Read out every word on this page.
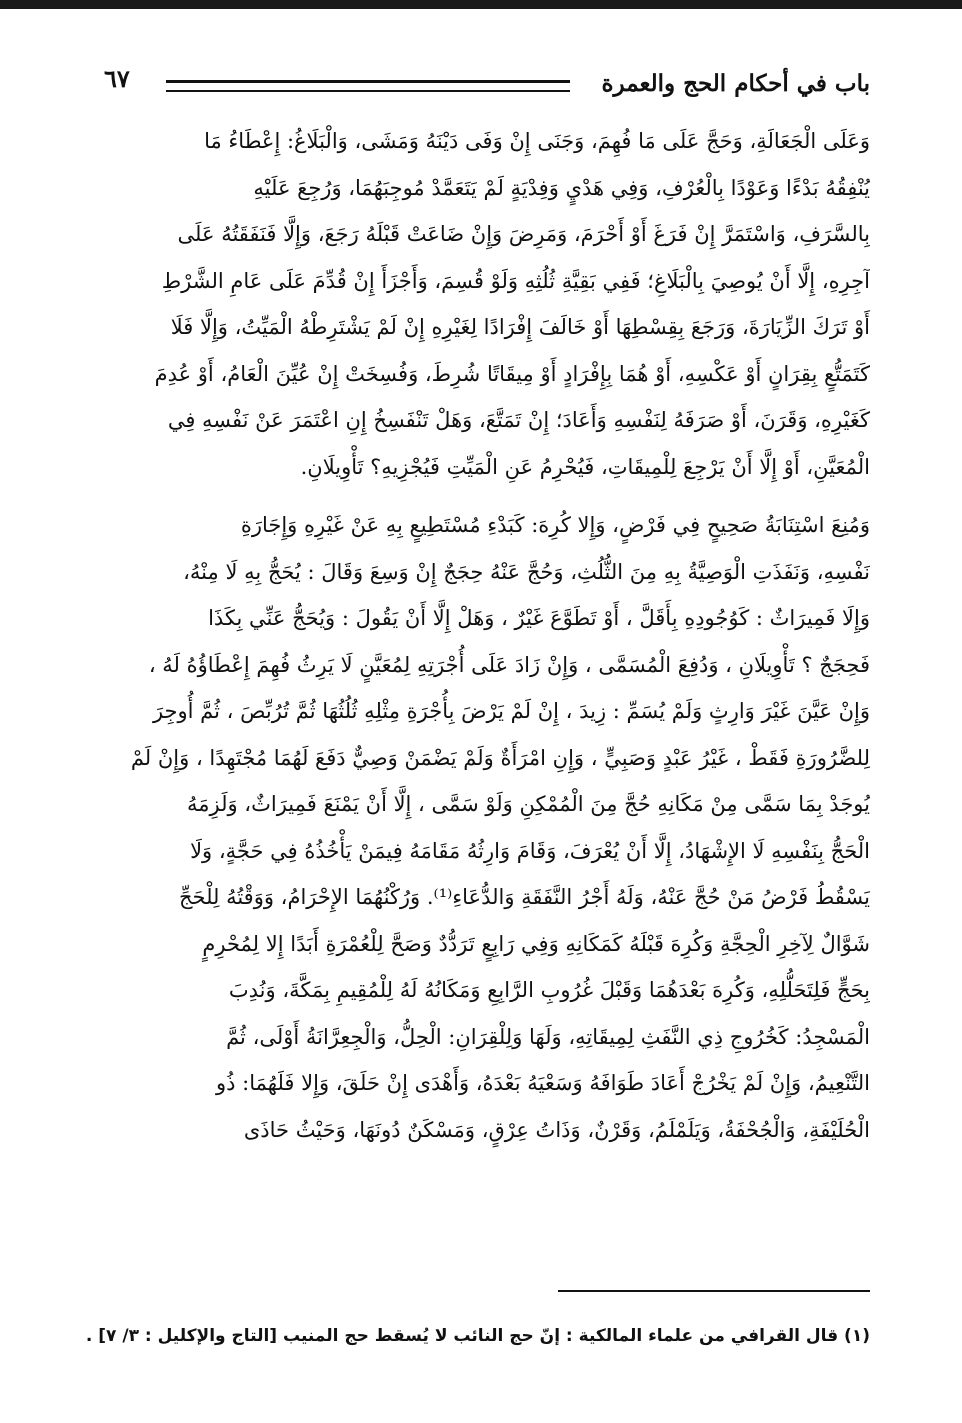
٦٧	باب في أحكام الحج والعمرة

وَعَلَى الْجَعَالَةِ، وَحَجَّ عَلَى مَا فُهِمَ، وَجَنَى إِنْ وَفَى دَيْنَهُ وَمَشَى، وَالْبَلَاغُ: إِعْطَاءُ مَا
يُنْفِقُهُ بَدْءًا وَعَوْدًا بِالْعُرْفِ، وَفِي هَدْيٍ وَفِدْيَةٍ لَمْ يَتَعَمَّدْ مُوجِبَهُمَا، وَرُجِعَ عَلَيْهِ
بِالسَّرَفِ، وَاسْتَمَرَّ إِنْ فَرَغَ أَوْ أَحْرَمَ، وَمَرِضَ وَإِنْ ضَاعَتْ قَبْلَهُ رَجَعَ، وَإِلَّا فَنَفَقَتُهُ عَلَى
آجِرِهِ، إِلَّا أَنْ يُوصِيَ بِالْبَلَاغِ؛ فَفِي بَقِيَّةِ ثُلُثِهِ وَلَوْ قُسِمَ، وَأَجْزَأَ إِنْ قُدِّمَ عَلَى عَامِ الشَّرْطِ
أَوْ تَرَكَ الزِّيَارَةَ، وَرَجَعَ بِقِسْطِهَا أَوْ خَالَفَ إِفْرَادًا لِغَيْرِهِ إِنْ لَمْ يَشْتَرِطْهُ الْمَيِّتُ، وَإِلَّا فَلَا
كَتَمَتُّعٍ بِقِرَانٍ أَوْ عَكْسِهِ، أَوْ هُمَا بِإِفْرَادٍ أَوْ مِيقَاتًا شُرِطَ، وَفُسِخَتْ إِنْ عُيِّنَ الْعَامُ، أَوْ عُدِمَ
كَغَيْرِهِ، وَقَرَنَ، أَوْ صَرَفَهُ لِنَفْسِهِ وَأَعَادَ؛ إِنْ تَمَتَّعَ، وَهَلْ تَنْفَسِخُ إِنِ اعْتَمَرَ عَنْ نَفْسِهِ فِي
الْمُعَيَّنِ، أَوْ إِلَّا أَنْ يَرْجِعَ لِلْمِيقَاتِ، فَيُحْرِمُ عَنِ الْمَيِّتِ فَيُجْزِيهِ؟ تَأْوِيلَانِ.

وَمُنِعَ اسْتِنَابَةُ صَحِيحٍ فِي فَرْضٍ، وَإِلا كُرِهَ: كَبَدْءِ مُسْتَطِيعٍ بِهِ عَنْ غَيْرِهِ وَإِجَارَةِ
نَفْسِهِ، وَنَفَذَتِ الْوَصِيَّةُ بِهِ مِنَ الثُّلُثِ، وَحُجَّ عَنْهُ حِجَجٌ إِنْ وَسِعَ وَقَالَ : يُحَجُّ بِهِ لَا مِنْهُ،
وَإِلَا فَمِيرَاثٌ : كَوُجُودِهِ بِأَقَلَّ ، أَوْ تَطَوَّعَ غَيْرٌ ، وَهَلْ إِلَّا أَنْ يَقُولَ : وَيُحَجُّ عَنِّي بِكَذَا
فَحِجَجٌ ؟ تَأْوِيلَانِ ، وَدُفِعَ الْمُسَمَّى ، وَإِنْ زَادَ عَلَى أُجْرَتِهِ لِمُعَيَّنٍ لَا يَرِثُ فُهِمَ إِعْطَاؤُهُ لَهُ ،
وَإِنْ عَيَّنَ غَيْرَ وَارِثٍ وَلَمْ يُسَمِّ : زِيدَ ، إِنْ لَمْ يَرْضَ بِأُجْرَةِ مِثْلِهِ ثُلُثُهَا ثُمَّ تُرُبِّصَ ، ثُمَّ أُوجِرَ
لِلضَّرُورَةِ فَقَطْ ، غَيْرُ عَبْدٍ وَصَبِيٍّ ، وَإِنِ امْرَأَةٌ وَلَمْ يَضْمَنْ وَصِيٌّ دَفَعَ لَهُمَا مُجْتَهِدًا ، وَإِنْ لَمْ
يُوجَدْ بِمَا سَمَّى مِنْ مَكَانِهِ حُجَّ مِنَ الْمُمْكِنِ وَلَوْ سَمَّى ، إِلَّا أَنْ يَمْنَعَ فَمِيرَاثٌ، وَلَزِمَهُ
الْحَجُّ بِنَفْسِهِ لَا الإِشْهَادُ، إِلَّا أَنْ يُعْرَفَ، وَقَامَ وَارِثُهُ مَقَامَهُ فِيمَنْ يَأْخُذُهُ فِي حَجَّةٍ، وَلَا
يَسْقُطُ فَرْضُ مَنْ حُجَّ عَنْهُ، وَلَهُ أَجْرُ النَّفَقَةِ وَالدُّعَاءِ⁽¹⁾. وَرُكْنُهُمَا الإِحْرَامُ، وَوَقْتُهُ لِلْحَجِّ
شَوَّالٌ لِآخِرِ الْحِجَّةِ وَكُرِهَ قَبْلَهُ كَمَكَانِهِ وَفِي رَابِعٍ تَرَدُّدٌ وَصَحَّ لِلْعُمْرَةِ أَبَدًا إِلا لِمُحْرِمٍ
بِحَجٍّ فَلِتَحَلُّلِهِ، وَكُرِهَ بَعْدَهُمَا وَقَبْلَ غُرُوبِ الرَّابِعِ وَمَكَانُهُ لَهُ لِلْمُقِيمِ بِمَكَّةَ، وَنُدِبَ
الْمَسْجِدُ: كَخُرُوجِ ذِي النَّفَثِ لِمِيقَاتِهِ، وَلَهَا وَلِلْقِرَانِ: الْحِلُّ، وَالْجِعِرَّانَةُ أَوْلَى، ثُمَّ
التَّنْعِيمُ، وَإِنْ لَمْ يَخْرُجْ أَعَادَ طَوَافَهُ وَسَعْيَهُ بَعْدَهُ، وَأَهْدَى إِنْ حَلَقَ، وَإِلا فَلَهُمَا: ذُو
الْحُلَيْفَةِ، وَالْجُحْفَةُ، وَيَلَمْلَمُ، وَقَرْنٌ، وَذَاتُ عِرْقٍ، وَمَسْكَنٌ دُونَهَا، وَحَيْثُ حَاذَى

(١) قال القرافي من علماء المالكية : إنّ حج النائب لا يُسقط حج المنيب [التاج والإكليل : ٣/ ٧] .
